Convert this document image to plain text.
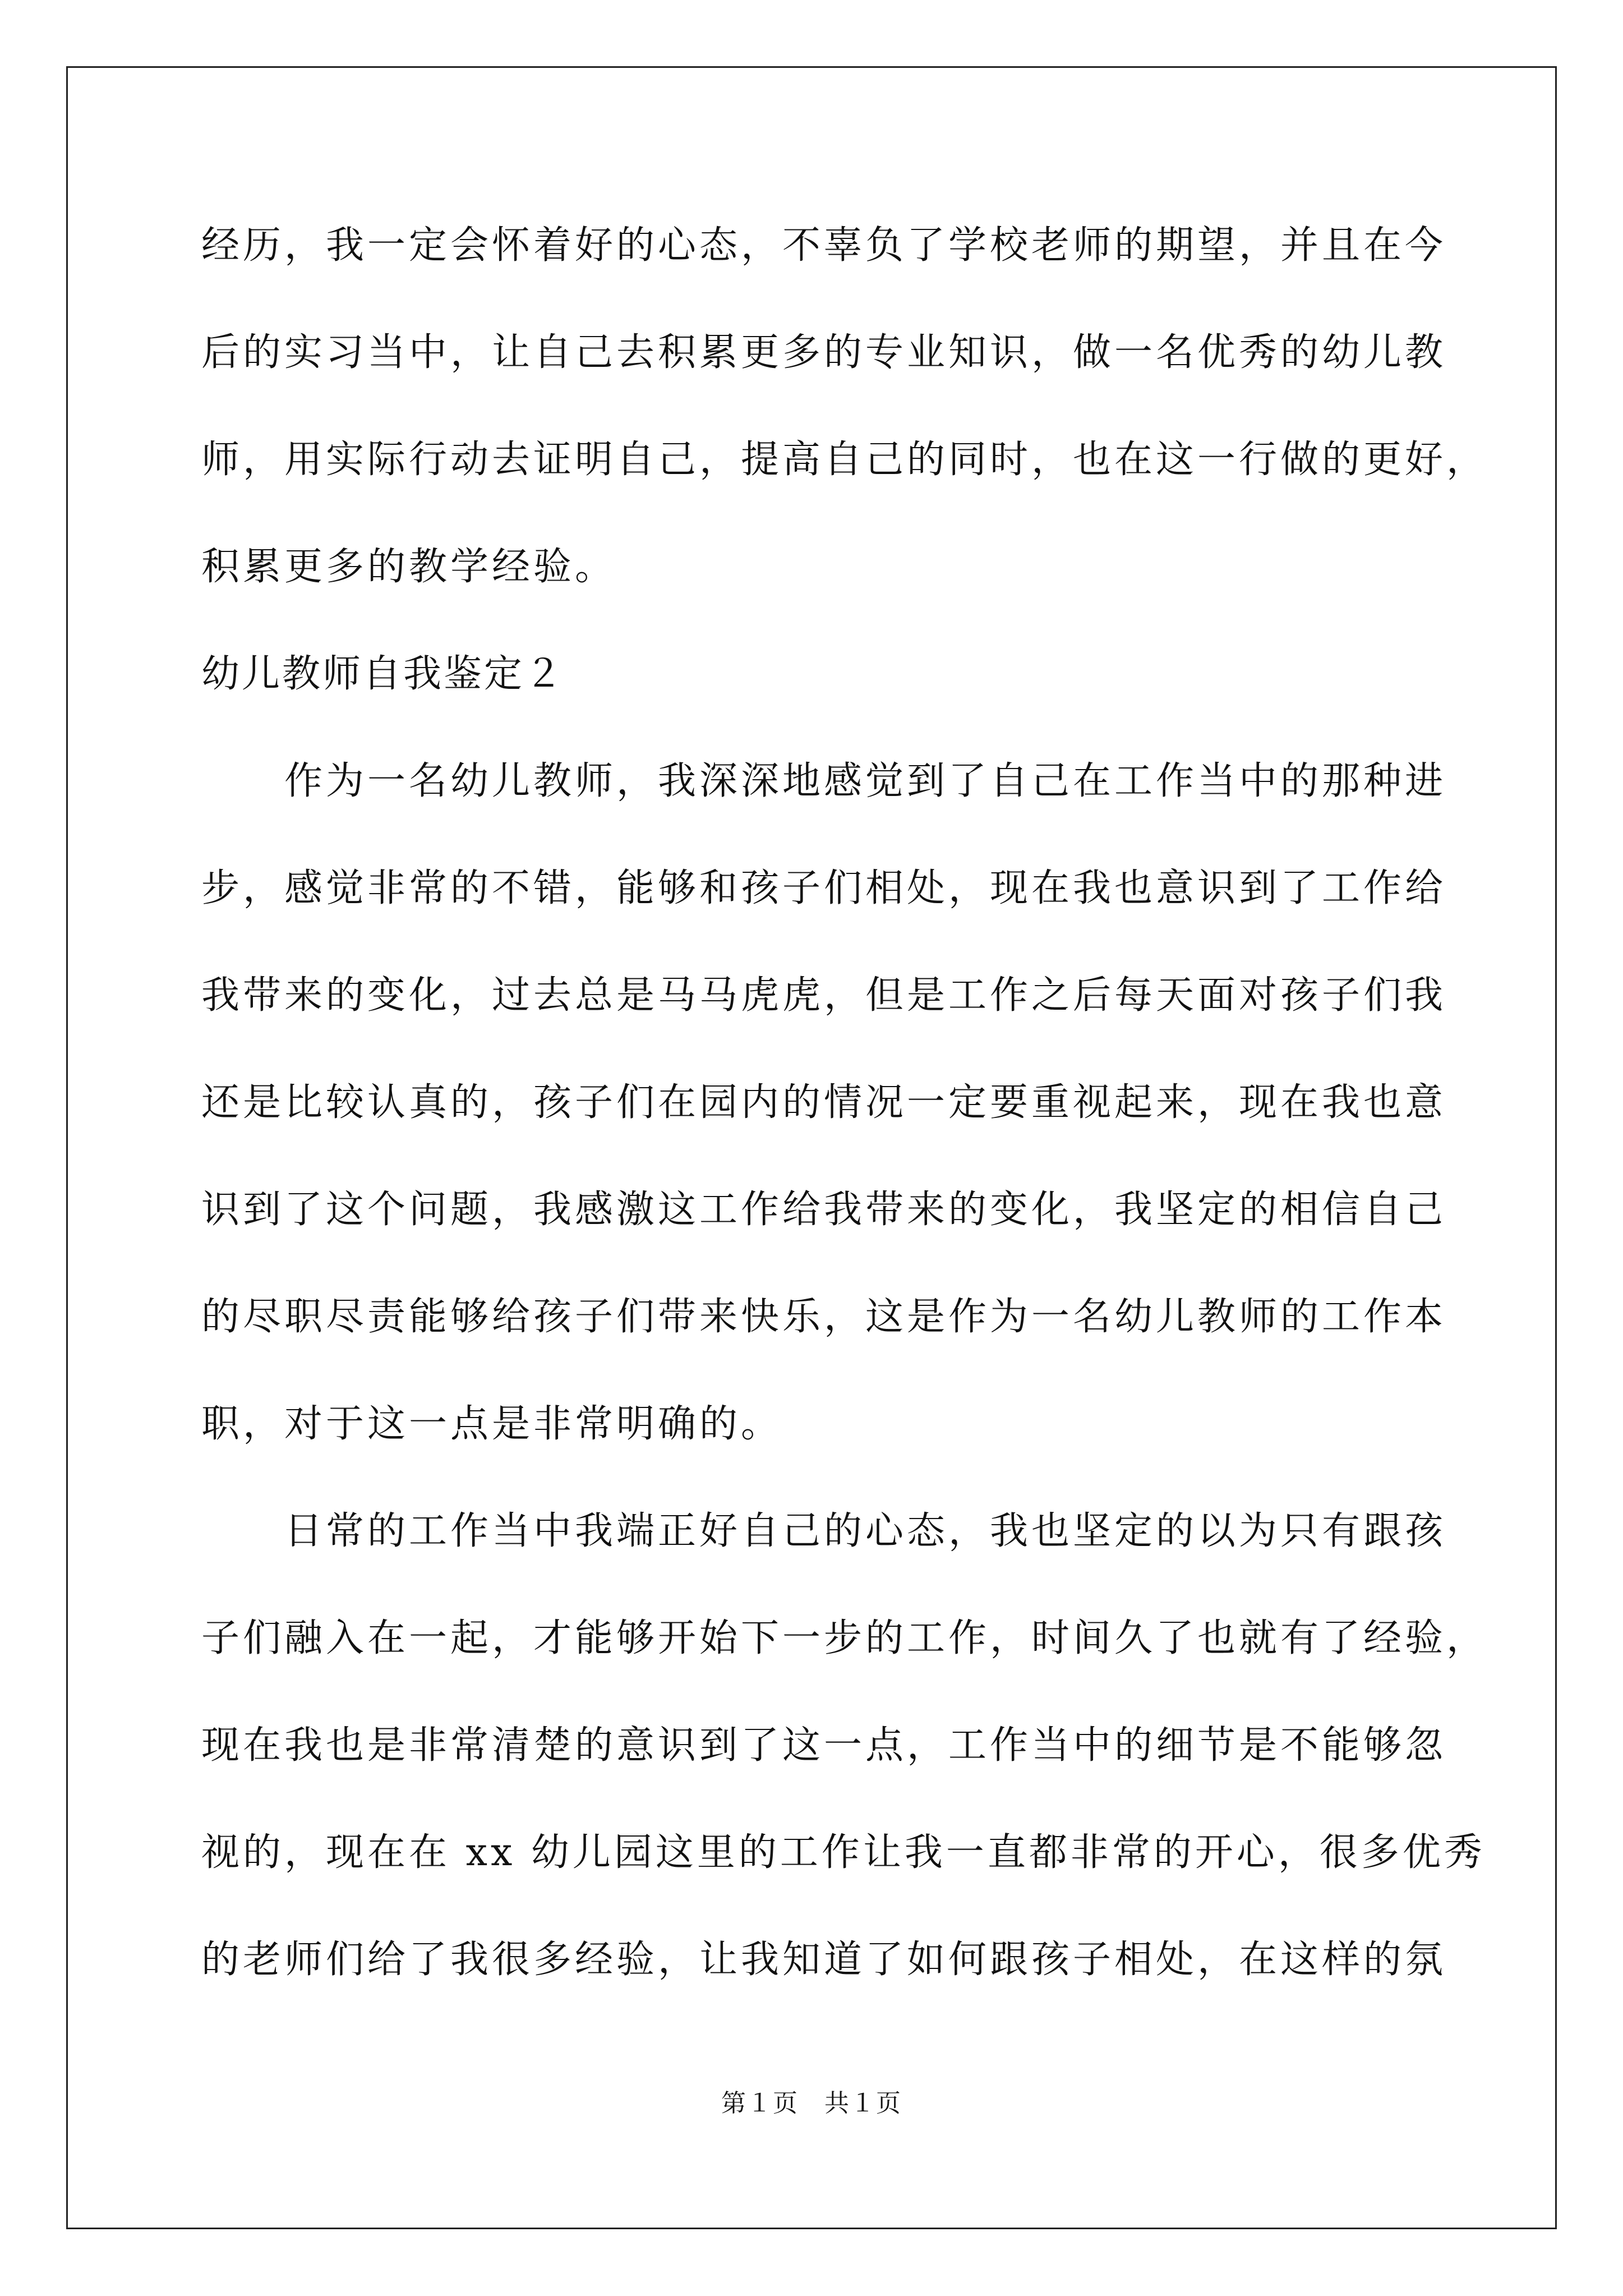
经历，我一定会怀着好的心态，不辜负了学校老师的期望，并且在今
后的实习当中，让自己去积累更多的专业知识，做一名优秀的幼儿教
师，用实际行动去证明自己，提高自己的同时，也在这一行做的更好，
积累更多的教学经验。
幼儿教师自我鉴定２
作为一名幼儿教师，我深深地感觉到了自己在工作当中的那种进
步，感觉非常的不错，能够和孩子们相处，现在我也意识到了工作给
我带来的变化，过去总是马马虎虎，但是工作之后每天面对孩子们我
还是比较认真的，孩子们在园内的情况一定要重视起来，现在我也意
识到了这个问题，我感激这工作给我带来的变化，我坚定的相信自己
的尽职尽责能够给孩子们带来快乐，这是作为一名幼儿教师的工作本
职，对于这一点是非常明确的。
日常的工作当中我端正好自己的心态，我也坚定的以为只有跟孩
子们融入在一起，才能够开始下一步的工作，时间久了也就有了经验，
现在我也是非常清楚的意识到了这一点，工作当中的细节是不能够忽
视的，现在在 xx 幼儿园这里的工作让我一直都非常的开心，很多优秀
的老师们给了我很多经验，让我知道了如何跟孩子相处，在这样的氛
第１页　共１页
